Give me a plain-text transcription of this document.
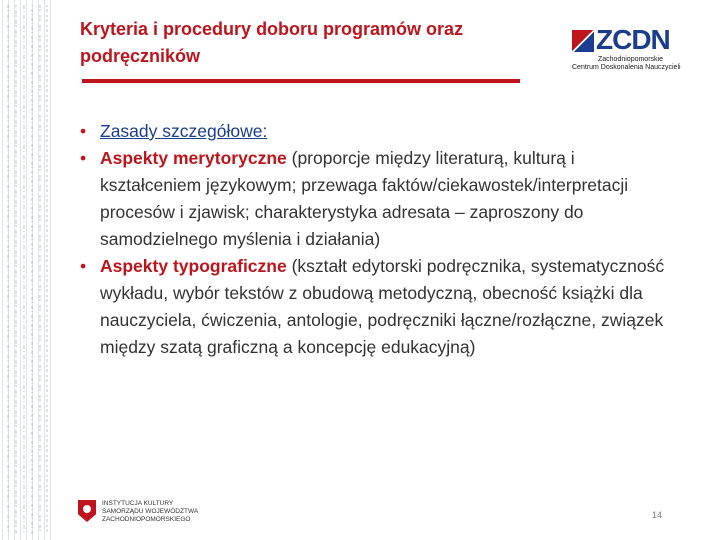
Kryteria i procedury doboru programów oraz podręczników
ZCDN
Zachodniopomorskie
Centrum Doskonalenia Nauczycieli
• Zasady szczegółowe:
• Aspekty merytoryczne (proporcje między literaturą, kulturą i kształceniem językowym; przewaga faktów/ciekawostek/interpretacji procesów i zjawisk; charakterystyka adresata – zaproszony do samodzielnego myślenia i działania)
• Aspekty typograficzne (kształt edytorski podręcznika, systematyczność wykładu, wybór tekstów z obudową metodyczną, obecność książki dla nauczyciela, ćwiczenia, antologie, podręczniki łączne/rozłączne, związek między szatą graficzną a koncepcję edukacyjną)
INSTYTUCJA KULTURY
SAMORZĄDU WOJEWÓDZTWA
ZACHODNIOPOMORSKIEGO	14
